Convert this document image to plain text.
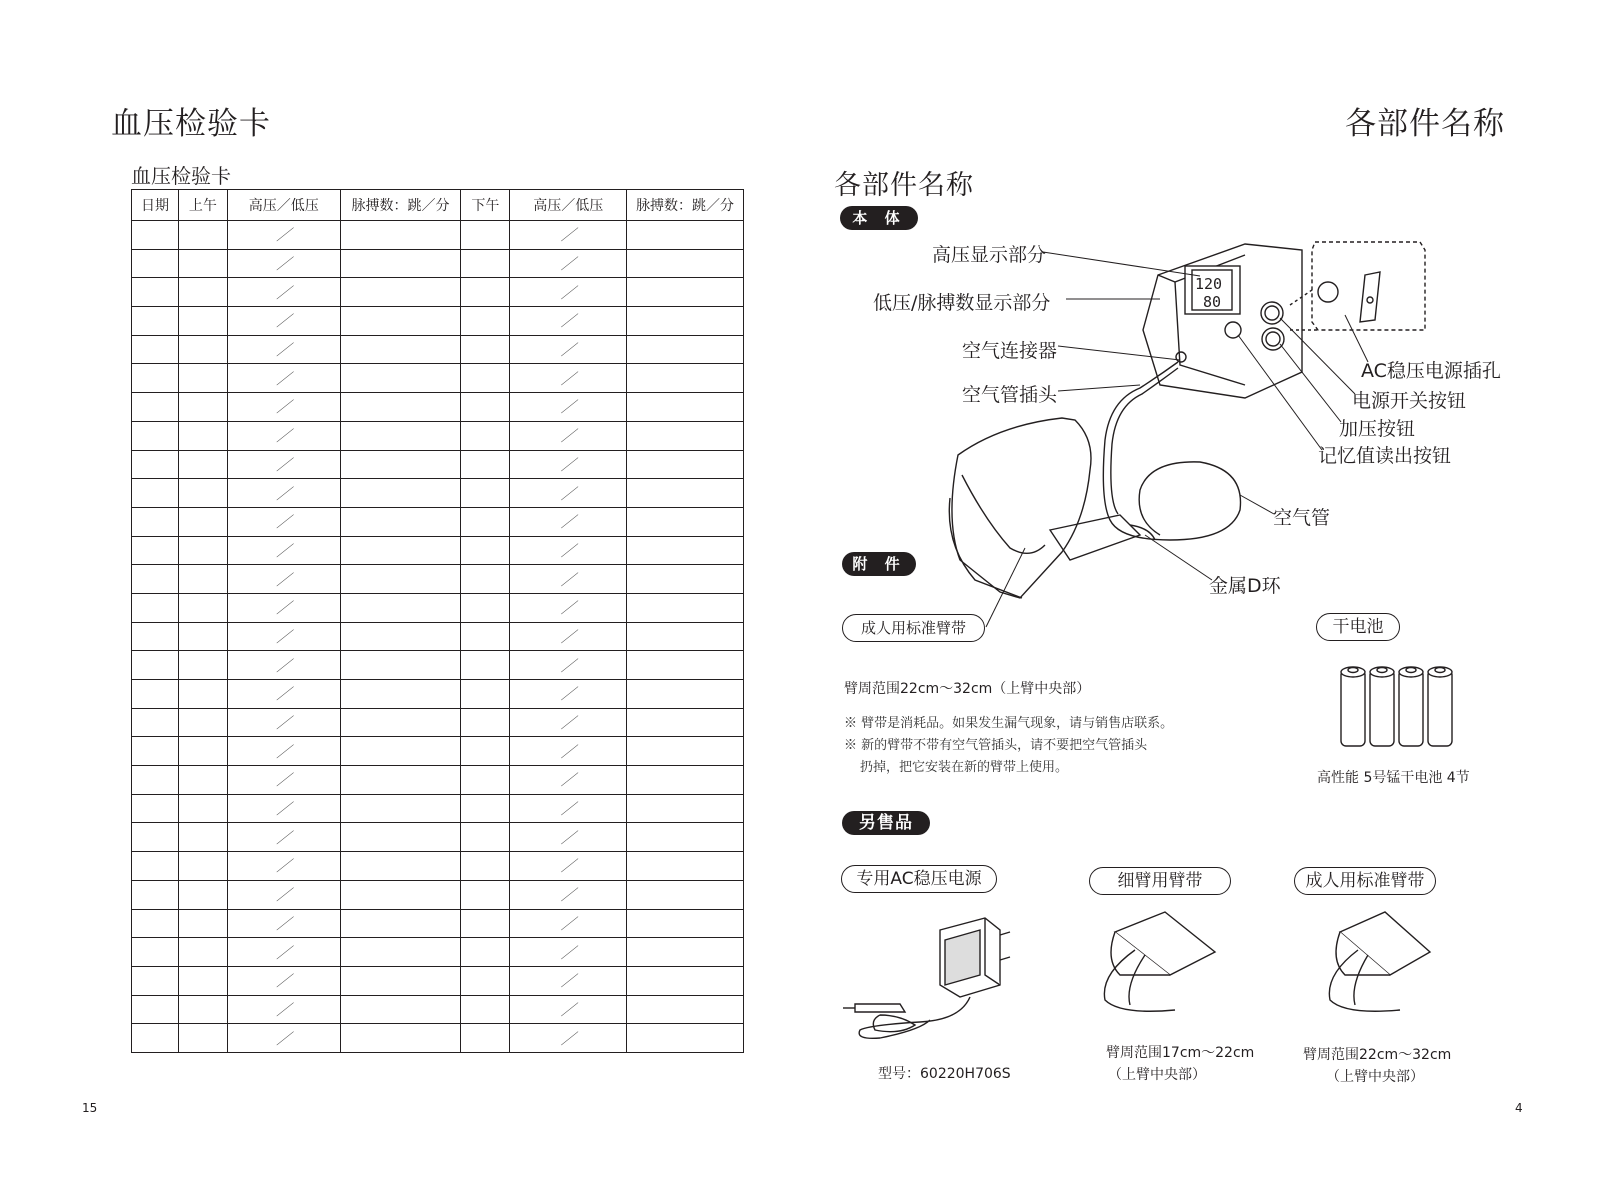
血压检验卡
血压检验卡
日期	上午	高压／低压	脉搏数：跳／分	下午	高压／低压	脉搏数：跳／分
		／			／	
		／			／	
		／			／	
		／			／	
		／			／	
		／			／	
		／			／	
		／			／	
		／			／	
		／			／	
		／			／	
		／			／	
		／			／	
		／			／	
		／			／	
		／			／	
		／			／	
		／			／	
		／			／	
		／			／	
		／			／	
		／			／	
		／			／	
		／			／	
		／			／	
		／			／	
		／			／	
		／			／	
		／			／	
15
各部件名称
各部件名称
本 体
120
80
高压显示部分
低压/脉搏数显示部分
空气连接器
空气管插头
AC稳压电源插孔
电源开关按钮
加压按钮
记忆值读出按钮
空气管
金属D环
附 件
成人用标准臂带
臂周范围22cm～32cm（上臂中央部）
※ 臂带是消耗品。如果发生漏气现象，请与销售店联系。
※ 新的臂带不带有空气管插头，请不要把空气管插头
扔掉，把它安装在新的臂带上使用。
干电池
高性能 5号锰干电池 4节
另售品
专用AC稳压电源	细臂用臂带	成人用标准臂带
型号：60220H706S
臂周范围17cm～22cm
（上臂中央部）
臂周范围22cm～32cm
（上臂中央部）
4
